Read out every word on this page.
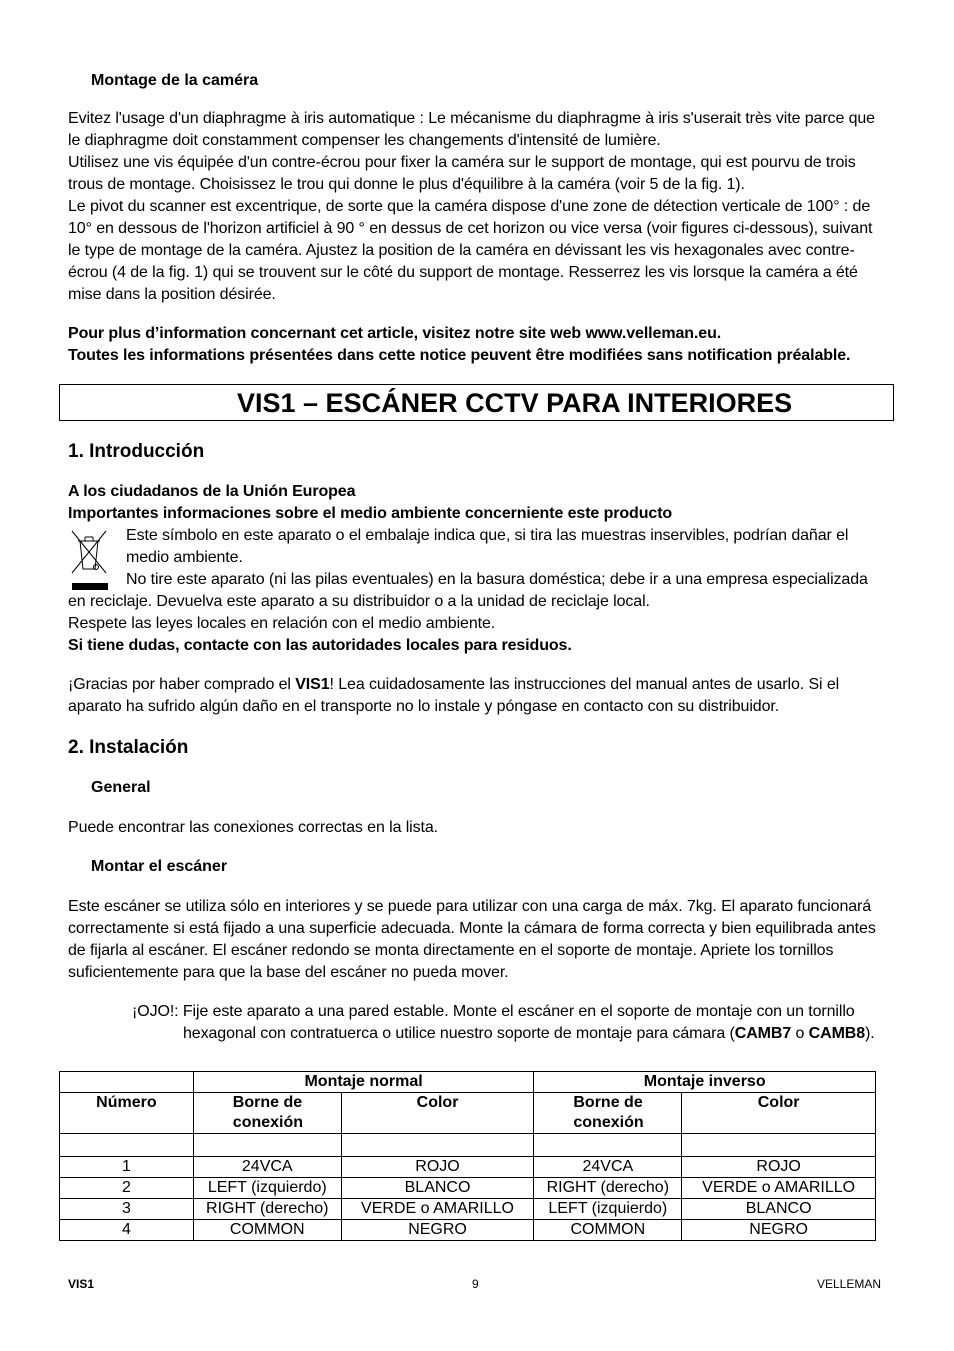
Montage de la caméra
Evitez l'usage d'un diaphragme à iris automatique : Le mécanisme du diaphragme à iris s'userait très vite parce que le diaphragme doit constamment compenser les changements d'intensité de lumière.
Utilisez une vis équipée d'un contre-écrou pour fixer la caméra sur le support de montage, qui est pourvu de trois trous de montage. Choisissez le trou qui donne le plus d'équilibre à la caméra (voir 5 de la fig. 1).
Le pivot du scanner est excentrique, de sorte que la caméra dispose d'une zone de détection verticale de 100° : de 10° en dessous de l'horizon artificiel à 90 ° en dessus de cet horizon ou vice versa (voir figures ci-dessous), suivant le type de montage de la caméra. Ajustez la position de la caméra en dévissant les vis hexagonales avec contre-écrou (4 de la fig. 1) qui se trouvent sur le côté du support de montage. Resserrez les vis lorsque la caméra a été mise dans la position désirée.
Pour plus d’information concernant cet article, visitez notre site web www.velleman.eu.
Toutes les informations présentées dans cette notice peuvent être modifiées sans notification préalable.
VIS1 – ESCÁNER CCTV PARA INTERIORES
1. Introducción
A los ciudadanos de la Unión Europea
Importantes informaciones sobre el medio ambiente concerniente este producto
Este símbolo en este aparato o el embalaje indica que, si tira las muestras inservibles, podrían dañar el
medio ambiente.
No tire este aparato (ni las pilas eventuales) en la basura doméstica; debe ir a una empresa especializada
en reciclaje. Devuelva este aparato a su distribuidor o a la unidad de reciclaje local.
Respete las leyes locales en relación con el medio ambiente.
Si tiene dudas, contacte con las autoridades locales para residuos.
¡Gracias por haber comprado el VIS1! Lea cuidadosamente las instrucciones del manual antes de usarlo. Si el aparato ha sufrido algún daño en el transporte no lo instale y póngase en contacto con su distribuidor.
2. Instalación
General
Puede encontrar las conexiones correctas en la lista.
Montar el escáner
Este escáner se utiliza sólo en interiores y se puede para utilizar con una carga de máx. 7kg. El aparato funcionará correctamente si está fijado a una superficie adecuada. Monte la cámara de forma correcta y bien equilibrada antes de fijarla al escáner. El escáner redondo se monta directamente en el soporte de montaje. Apriete los tornillos suficientemente para que la base del escáner no pueda mover.
¡OJO!: Fije este aparato a una pared estable. Monte el escáner en el soporte de montaje con un tornillo
hexagonal con contratuerca o utilice nuestro soporte de montaje para cámara (CAMB7 o CAMB8).
	Montaje normal		Montaje inverso	
Número	Borne de conexión	Color	Borne de conexión	Color

1	24VCA	ROJO	24VCA	ROJO
2	LEFT (izquierdo)	BLANCO	RIGHT (derecho)	VERDE o AMARILLO
3	RIGHT (derecho)	VERDE o AMARILLO	LEFT (izquierdo)	BLANCO
4	COMMON	NEGRO	COMMON	NEGRO
VIS1	9	VELLEMAN
